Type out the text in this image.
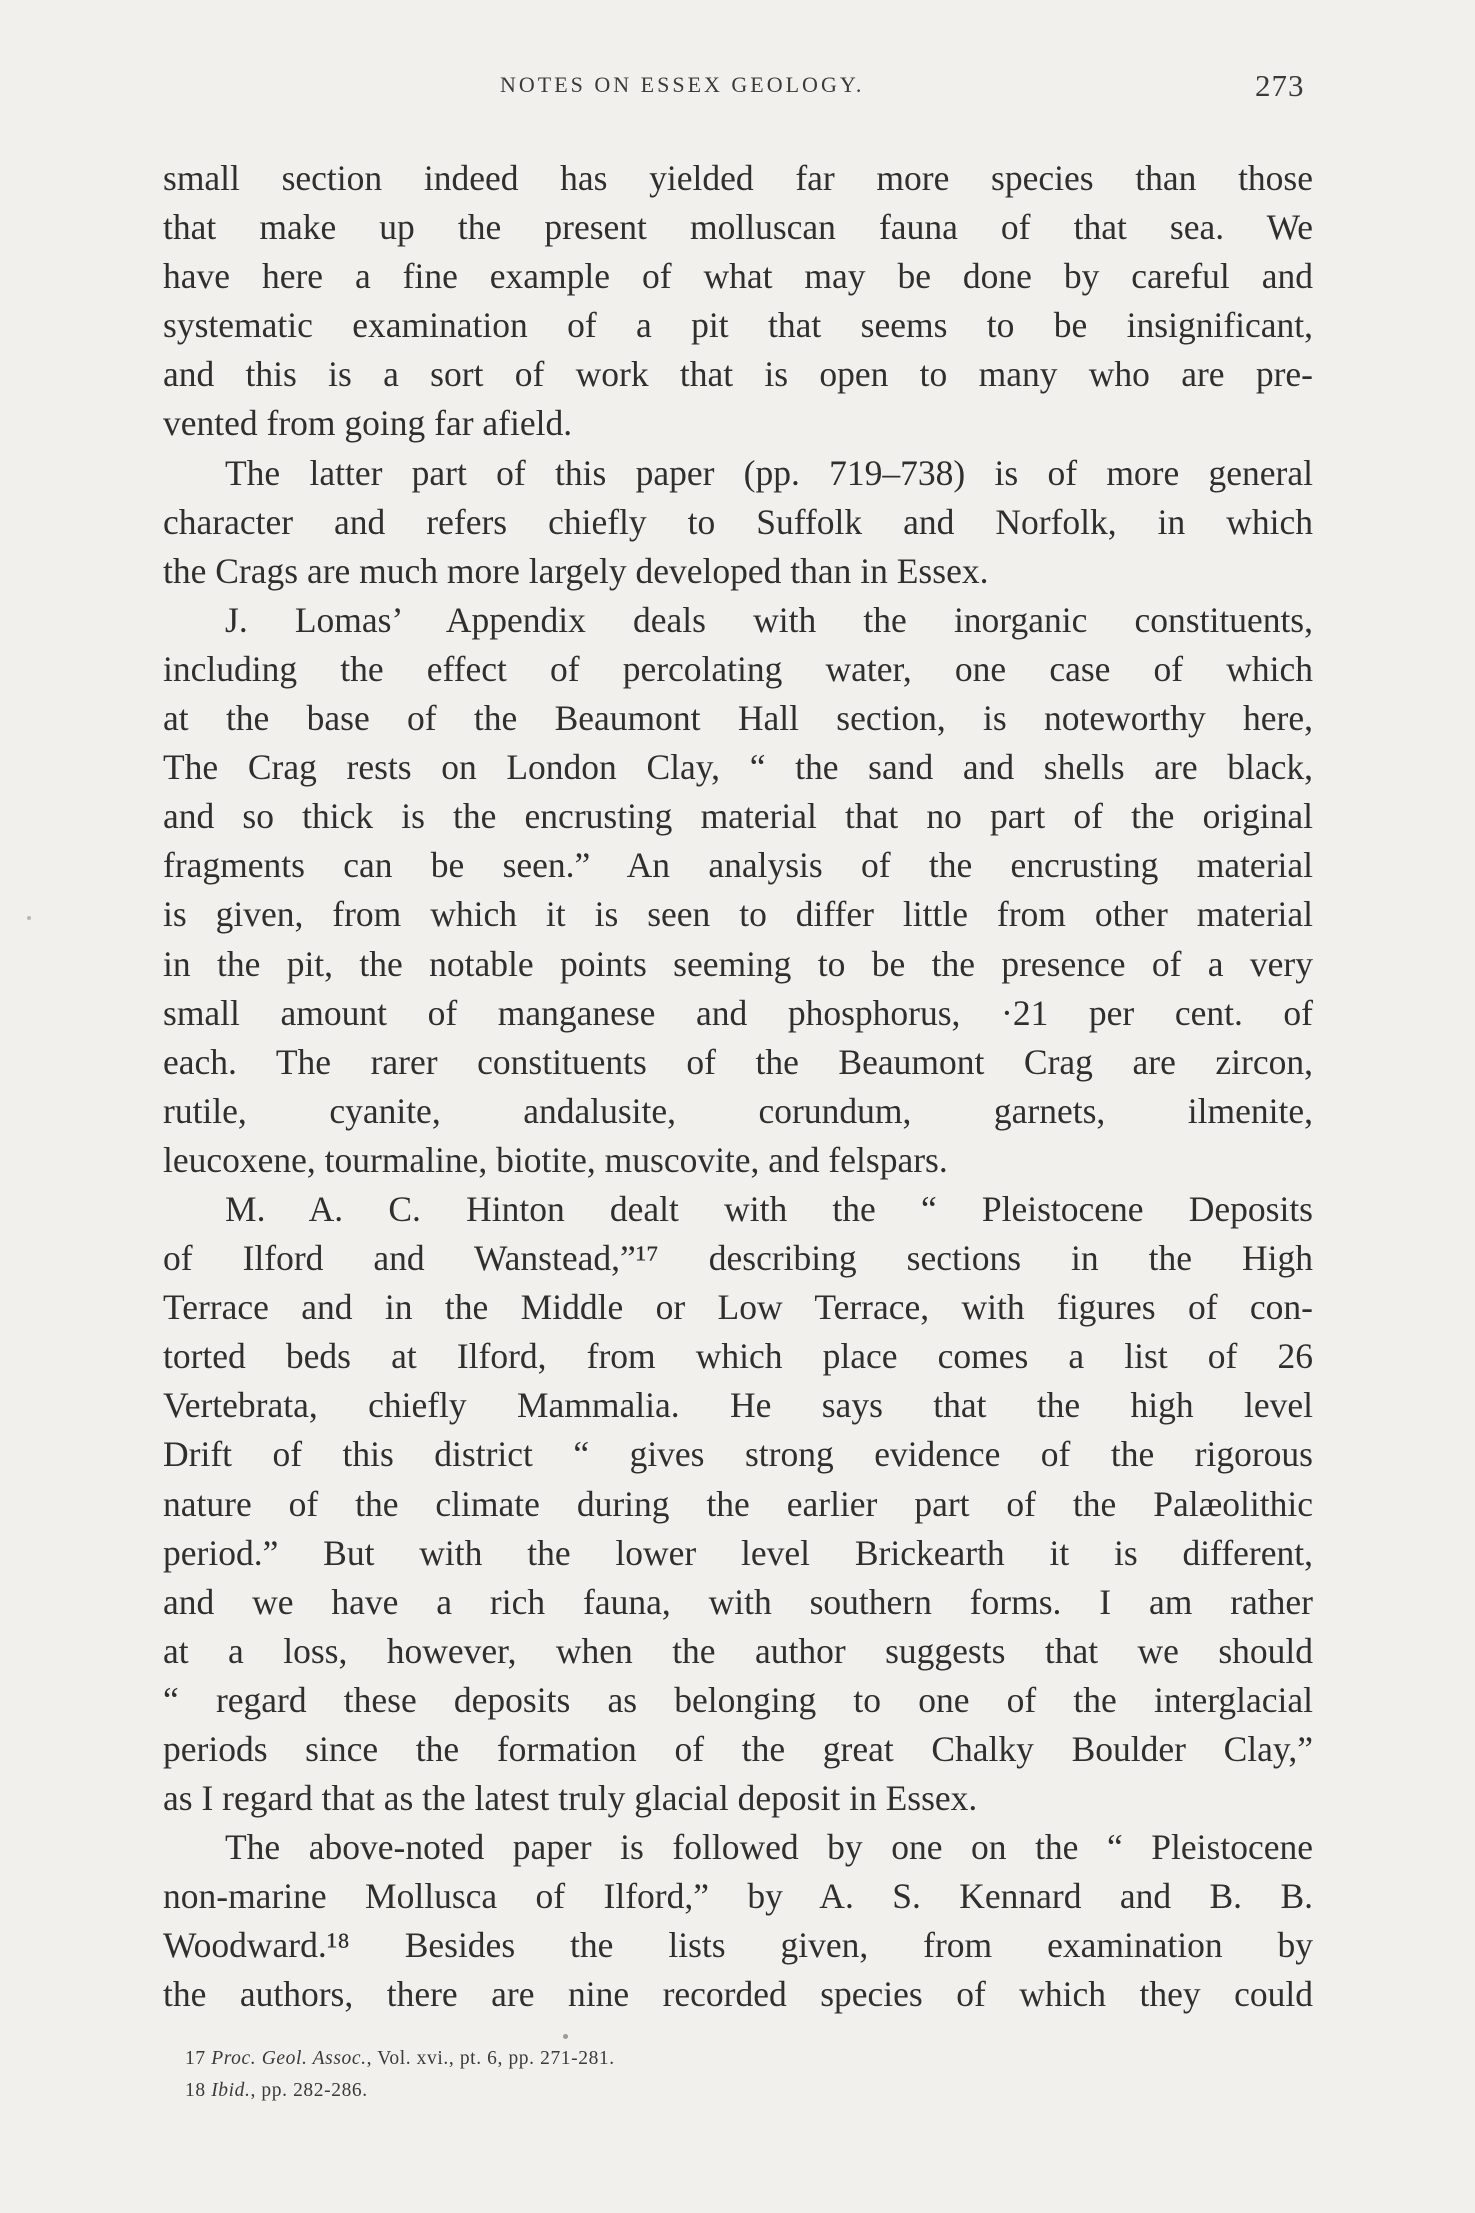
NOTES ON ESSEX GEOLOGY.	273
small section indeed has yielded far more species than those
that make up the present molluscan fauna of that sea. We
have here a fine example of what may be done by careful and
systematic examination of a pit that seems to be insignificant,
and this is a sort of work that is open to many who are pre-
vented from going far afield.
The latter part of this paper (pp. 719–738) is of more general
character and refers chiefly to Suffolk and Norfolk, in which
the Crags are much more largely developed than in Essex.
J. Lomas’ Appendix deals with the inorganic constituents,
including the effect of percolating water, one case of which
at the base of the Beaumont Hall section, is noteworthy here,
The Crag rests on London Clay, “ the sand and shells are black,
and so thick is the encrusting material that no part of the original
fragments can be seen.” An analysis of the encrusting material
is given, from which it is seen to differ little from other material
in the pit, the notable points seeming to be the presence of a very
small amount of manganese and phosphorus, ·21 per cent. of
each. The rarer constituents of the Beaumont Crag are zircon,
rutile, cyanite, andalusite, corundum, garnets, ilmenite,
leucoxene, tourmaline, biotite, muscovite, and felspars.
M. A. C. Hinton dealt with the “ Pleistocene Deposits
of Ilford and Wanstead,”¹⁷ describing sections in the High
Terrace and in the Middle or Low Terrace, with figures of con-
torted beds at Ilford, from which place comes a list of 26
Vertebrata, chiefly Mammalia. He says that the high level
Drift of this district “ gives strong evidence of the rigorous
nature of the climate during the earlier part of the Palæolithic
period.” But with the lower level Brickearth it is different,
and we have a rich fauna, with southern forms. I am rather
at a loss, however, when the author suggests that we should
“ regard these deposits as belonging to one of the interglacial
periods since the formation of the great Chalky Boulder Clay,”
as I regard that as the latest truly glacial deposit in Essex.
The above-noted paper is followed by one on the “ Pleistocene
non-marine Mollusca of Ilford,” by A. S. Kennard and B. B.
Woodward.¹⁸ Besides the lists given, from examination by
the authors, there are nine recorded species of which they could
17 Proc. Geol. Assoc., Vol. xvi., pt. 6, pp. 271-281.
18 Ibid., pp. 282-286.
